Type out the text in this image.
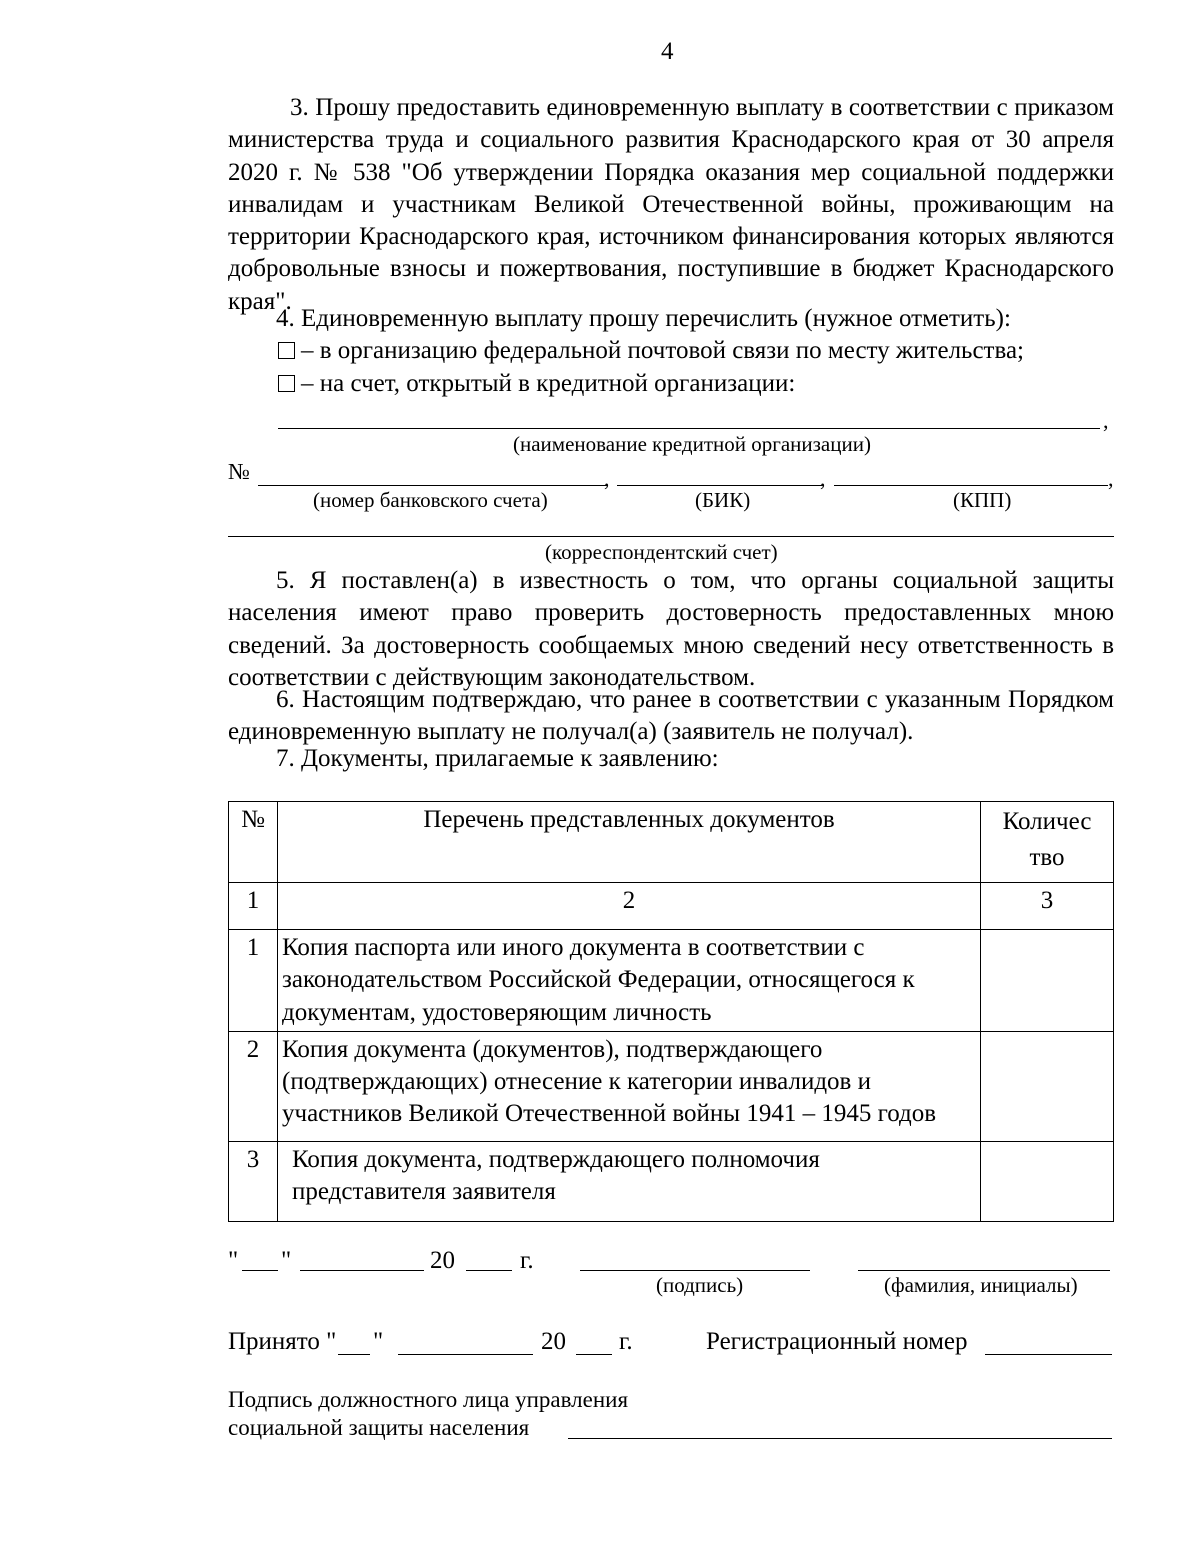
4
3. Прошу предоставить единовременную выплату в соответствии с приказом министерства труда и социального развития Краснодарского края от 30 апреля 2020 г. № 538 "Об утверждении Порядка оказания мер социальной поддержки инвалидам и участникам Великой Отечественной войны, проживающим на территории Краснодарского края, источником финансирования которых являются добровольные взносы и пожертвования, поступившие в бюджет Краснодарского края".
4. Единовременную выплату прошу перечислить (нужное отметить):
– в организацию федеральной почтовой связи по месту жительства;
– на счет, открытый в кредитной организации:
,
(наименование кредитной организации)
№	,	,	,
(номер банковского счета)	(БИК)	(КПП)
(корреспондентский счет)
5. Я поставлен(а) в известность о том, что органы социальной защиты населения имеют право проверить достоверность предоставленных мною сведений. За достоверность сообщаемых мною сведений несу ответственность в соответствии с действующим законодательством.
6. Настоящим подтверждаю, что ранее в соответствии с указанным Порядком единовременную выплату не получал(а) (заявитель не получал).
7. Документы, прилагаемые к заявлению:
№	Перечень представленных документов	Количество
1	2	3
1	Копия паспорта или иного документа в соответствии с законодательством Российской Федерации, относящегося к документам, удостоверяющим личность	
2	Копия документа (документов), подтверждающего (подтверждающих) отнесение к категории инвалидов и участников Великой Отечественной войны 1941 – 1945 годов	
3	Копия документа, подтверждающего полномочия представителя заявителя	
" "	20	г.
(подпись)	(фамилия, инициалы)
Принято " "	20 г.	Регистрационный номер
Подпись должностного лица управления
социальной защиты населения
